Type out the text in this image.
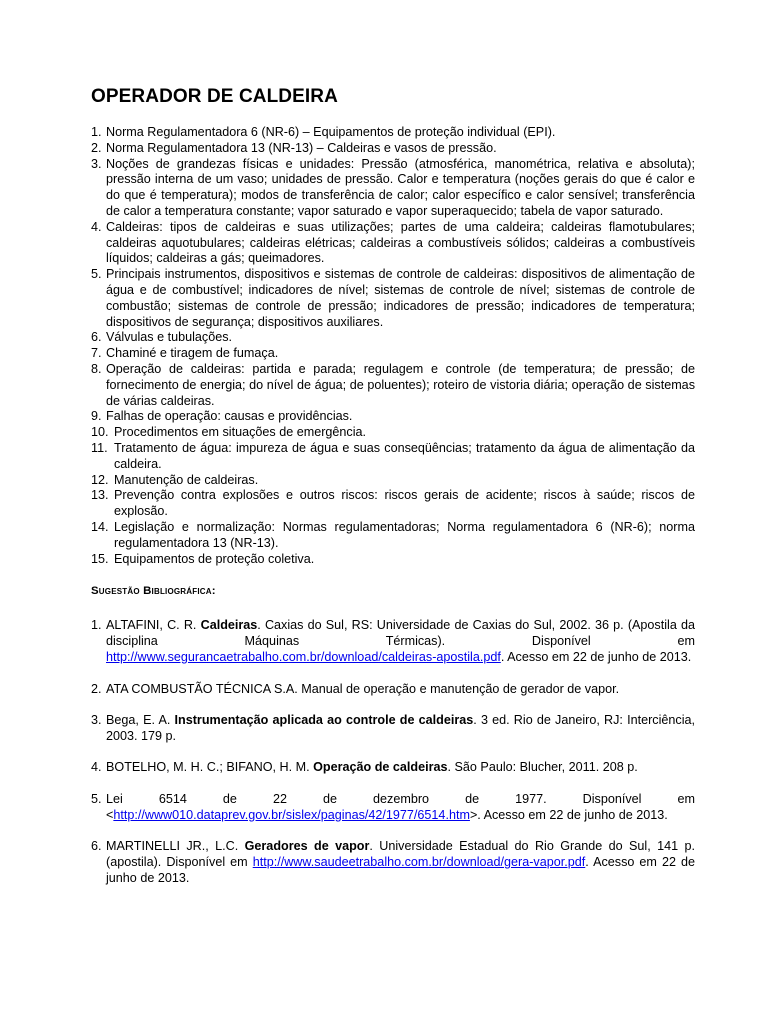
OPERADOR DE CALDEIRA
1. Norma Regulamentadora 6 (NR-6) – Equipamentos de proteção individual (EPI).
2. Norma Regulamentadora 13 (NR-13) – Caldeiras e vasos de pressão.
3. Noções de grandezas físicas e unidades: Pressão (atmosférica, manométrica, relativa e absoluta); pressão interna de um vaso; unidades de pressão. Calor e temperatura (noções gerais do que é calor e do que é temperatura); modos de transferência de calor; calor específico e calor sensível; transferência de calor a temperatura constante; vapor saturado e vapor superaquecido; tabela de vapor saturado.
4. Caldeiras: tipos de caldeiras e suas utilizações; partes de uma caldeira; caldeiras flamotubulares; caldeiras aquotubulares; caldeiras elétricas; caldeiras a combustíveis sólidos; caldeiras a combustíveis líquidos; caldeiras a gás; queimadores.
5. Principais instrumentos, dispositivos e sistemas de controle de caldeiras: dispositivos de alimentação de água e de combustível; indicadores de nível; sistemas de controle de nível; sistemas de controle de combustão; sistemas de controle de pressão; indicadores de pressão; indicadores de temperatura; dispositivos de segurança; dispositivos auxiliares.
6. Válvulas e tubulações.
7. Chaminé e tiragem de fumaça.
8. Operação de caldeiras: partida e parada; regulagem e controle (de temperatura; de pressão; de fornecimento de energia; do nível de água; de poluentes); roteiro de vistoria diária; operação de sistemas de várias caldeiras.
9. Falhas de operação: causas e providências.
10. Procedimentos em situações de emergência.
11. Tratamento de água: impureza de água e suas conseqüências; tratamento da água de alimentação da caldeira.
12. Manutenção de caldeiras.
13. Prevenção contra explosões e outros riscos: riscos gerais de acidente; riscos à saúde; riscos de explosão.
14. Legislação e normalização: Normas regulamentadoras; Norma regulamentadora 6 (NR-6); norma regulamentadora 13 (NR-13).
15. Equipamentos de proteção coletiva.
Sugestão Bibliográfica:
1. ALTAFINI, C. R. Caldeiras. Caxias do Sul, RS: Universidade de Caxias do Sul, 2002. 36 p. (Apostila da disciplina Máquinas Térmicas). Disponível em http://www.segurancaetrabalho.com.br/download/caldeiras-apostila.pdf. Acesso em 22 de junho de 2013.
2. ATA COMBUSTÃO TÉCNICA S.A. Manual de operação e manutenção de gerador de vapor.
3. Bega, E. A. Instrumentação aplicada ao controle de caldeiras. 3 ed. Rio de Janeiro, RJ: Interciência, 2003. 179 p.
4. BOTELHO, M. H. C.; BIFANO, H. M. Operação de caldeiras. São Paulo: Blucher, 2011. 208 p.
5. Lei 6514 de 22 de dezembro de 1977. Disponível em <http://www010.dataprev.gov.br/sislex/paginas/42/1977/6514.htm>. Acesso em 22 de junho de 2013.
6. MARTINELLI JR., L.C. Geradores de vapor. Universidade Estadual do Rio Grande do Sul, 141 p. (apostila). Disponível em http://www.saudeetrabalho.com.br/download/gera-vapor.pdf. Acesso em 22 de junho de 2013.
